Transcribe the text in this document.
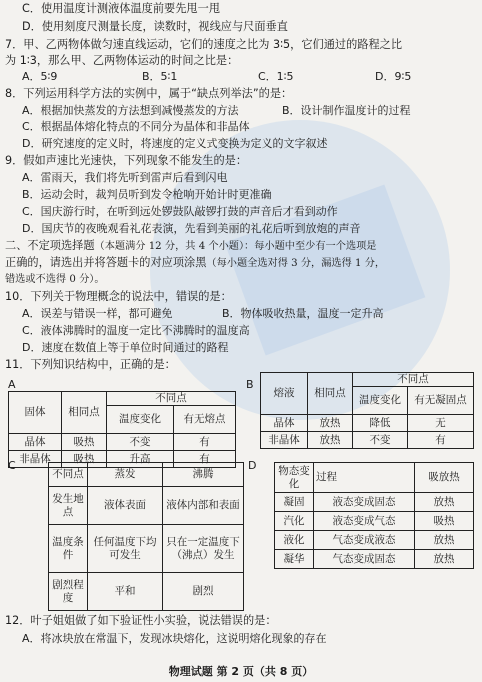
C．使用温度计测液体温度前要先甩一甩
D．使用刻度尺测量长度，读数时，视线应与尺面垂直
7．甲、乙两物体做匀速直线运动，它们的速度之比为 3∶5，它们通过的路程之比
为 1∶3，那么甲、乙两物体运动的时间之比是：
A．5∶9	B．5∶1	C．1∶5	D．9∶5
8．下列运用科学方法的实例中，属于“缺点列举法”的是：
A．根据加快蒸发的方法想到减慢蒸发的方法	B．设计制作温度计的过程
C．根据晶体熔化特点的不同分为晶体和非晶体
D．研究速度的定义时，将速度的定义式变换为定义的文字叙述
9．假如声速比光速快，下列现象不能发生的是：
A．雷雨天，我们将先听到雷声后看到闪电
B．运动会时，裁判员听到发令枪响开始计时更准确
C．国庆游行时，在听到远处锣鼓队敲锣打鼓的声音后才看到动作
D．国庆节的夜晚观看礼花表演，先看到美丽的礼花后听到放炮的声音
二、不定项选择题（本题满分 12 分，共 4 个小题）：每小题中至少有一个选项是
正确的，请选出并将答题卡的对应项涂黑（每小题全选对得 3 分，漏选得 1 分，
错选或不选得 0 分）。
10．下列关于物理概念的说法中，错误的是：
A．误差与错误一样，都可避免	B．物体吸收热量，温度一定升高
C．液体沸腾时的温度一定比不沸腾时的温度高
D．速度在数值上等于单位时间通过的路程
11．下列知识结构中，正确的是：
A	B
固体	相同点	不同点	
		温度变化	有无熔点
晶体	吸热	不变	有
非晶体	吸热	升高	有
熔液	相同点	不同点	
		温度变化	有无凝固点
晶体	放热	降低	无
非晶体	放热	不变	有
C	D
不同点	蒸发	沸腾
发生地点	液体表面	液体内部和表面
温度条件	任何温度下均可发生	只在一定温度下（沸点）发生
剧烈程度	平和	剧烈
物态变化	过程	吸放热
凝固	液态变成固态	放热
汽化	液态变成气态	吸热
液化	气态变成液态	放热
凝华	气态变成固态	放热
12．叶子姐姐做了如下验证性小实验，说法错误的是：
A．将冰块放在常温下，发现冰块熔化，这说明熔化现象的存在
物理试题 第 2 页（共 8 页）
